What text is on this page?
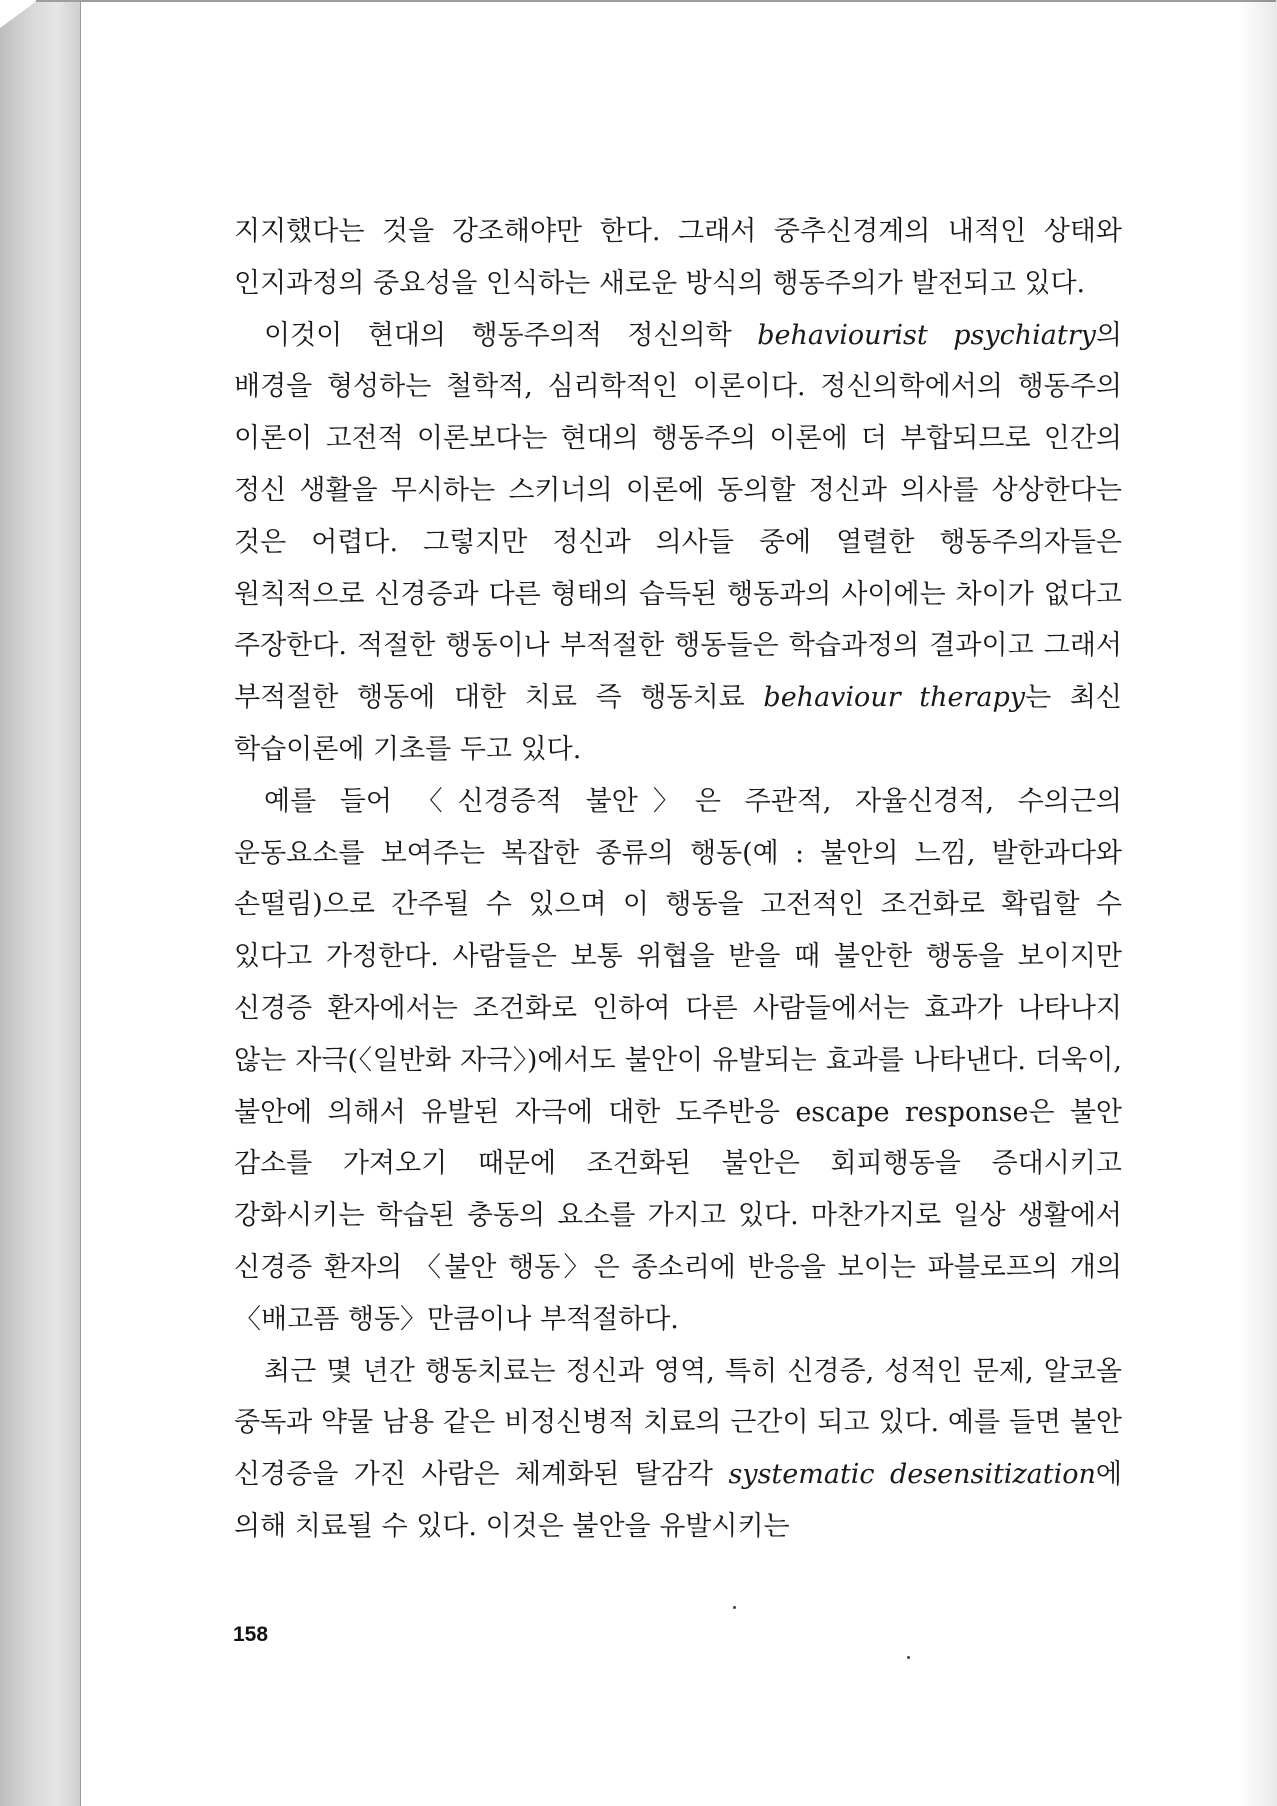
지지했다는 것을 강조해야만 한다. 그래서 중추신경계의 내적인 상태와 인지과정의 중요성을 인식하는 새로운 방식의 행동주의가 발전되고 있다.

이것이 현대의 행동주의적 정신의학 behaviourist psychiatry의 배경을 형성하는 철학적, 심리학적인 이론이다. 정신의학에서의 행동주의 이론이 고전적 이론보다는 현대의 행동주의 이론에 더 부합되므로 인간의 정신 생활을 무시하는 스키너의 이론에 동의할 정신과 의사를 상상한다는 것은 어렵다. 그렇지만 정신과 의사들 중에 열렬한 행동주의자들은 원칙적으로 신경증과 다른 형태의 습득된 행동과의 사이에는 차이가 없다고 주장한다. 적절한 행동이나 부적절한 행동들은 학습과정의 결과이고 그래서 부적절한 행동에 대한 치료 즉 행동치료 behaviour therapy는 최신 학습이론에 기초를 두고 있다.

예를 들어 〈신경증적 불안〉은 주관적, 자율신경적, 수의근의 운동요소를 보여주는 복잡한 종류의 행동(예 : 불안의 느낌, 발한과다와 손떨림)으로 간주될 수 있으며 이 행동을 고전적인 조건화로 확립할 수 있다고 가정한다. 사람들은 보통 위협을 받을 때 불안한 행동을 보이지만 신경증 환자에서는 조건화로 인하여 다른 사람들에서는 효과가 나타나지 않는 자극(〈일반화 자극〉)에서도 불안이 유발되는 효과를 나타낸다. 더욱이, 불안에 의해서 유발된 자극에 대한 도주반응 escape response은 불안 감소를 가져오기 때문에 조건화된 불안은 회피행동을 증대시키고 강화시키는 학습된 충동의 요소를 가지고 있다. 마찬가지로 일상 생활에서 신경증 환자의 〈불안 행동〉은 종소리에 반응을 보이는 파블로프의 개의 〈배고픔 행동〉만큼이나 부적절하다.

최근 몇 년간 행동치료는 정신과 영역, 특히 신경증, 성적인 문제, 알코올 중독과 약물 남용 같은 비정신병적 치료의 근간이 되고 있다. 예를 들면 불안 신경증을 가진 사람은 체계화된 탈감각 systematic desensitization에 의해 치료될 수 있다. 이것은 불안을 유발시키는

158
